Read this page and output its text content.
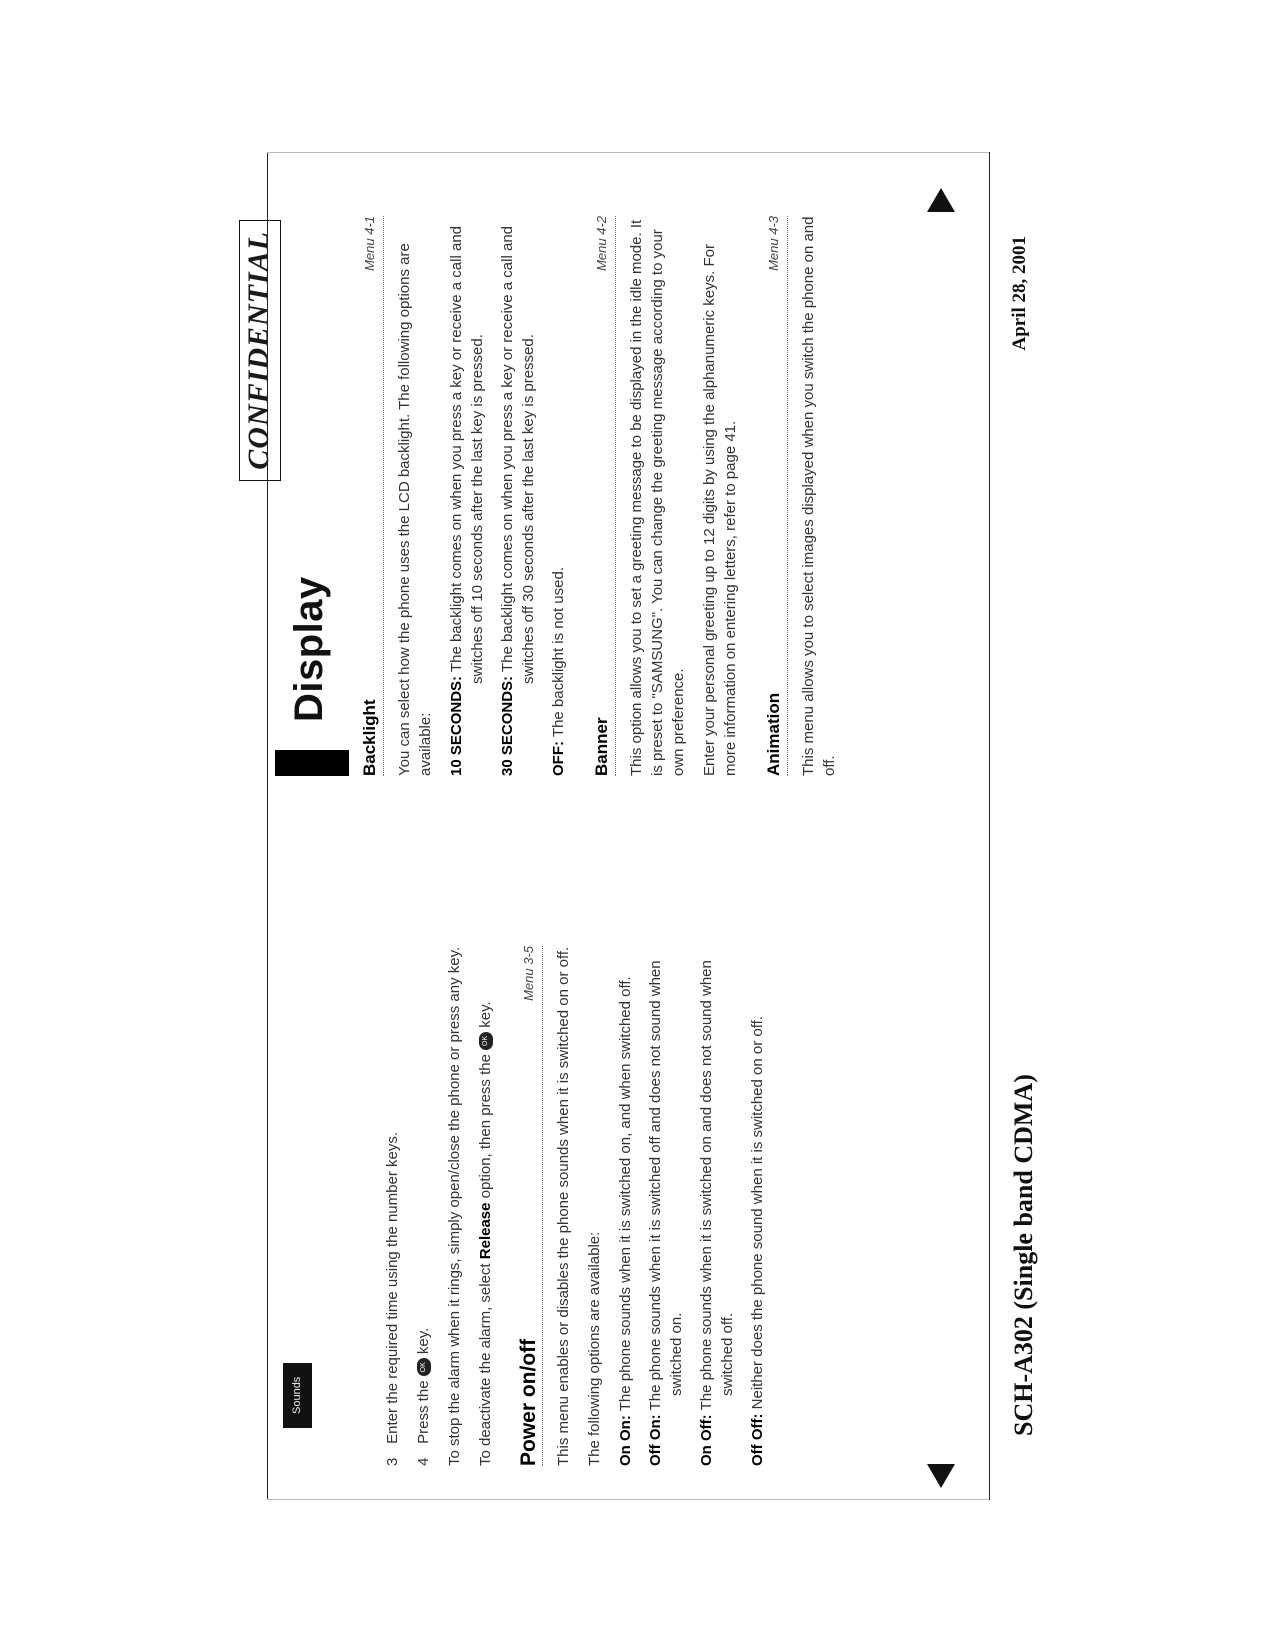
CONFIDENTIAL
Sounds
3 Enter the required time using the number keys.
4 Press the OK key. To stop the alarm when it rings, simply open/close the phone or press any key. To deactivate the alarm, select Release option, then press the OK key.

Power on/off
Menu 3-5 This menu enables or disables the phone sounds when it is switched on or off. The following options are available: On On: The phone sounds when it is switched on, and when switched off.
Off On: The phone sounds when it is switched off and does not sound when switched on.
On Off: The phone sounds when it is switched on and does not sound when switched off.
Off Off: Neither does the phone sound when it is switched on or off.
Display
Backlight
Menu 4-1 You can select how the phone uses the LCD backlight. The following options are available: 10 SECONDS: The backlight comes on when you press a key or receive a call and switches off 10 seconds after the last key is pressed.
30 SECONDS: The backlight comes on when you press a key or receive a call and switches off 30 seconds after the last key is pressed.
OFF: The backlight is not used.
Banner
Menu 4-2 This option allows you to set a greeting message to be displayed in the idle mode. It is preset to "SAMSUNG". You can change the greeting message according to your own preference. Enter your personal greeting up to 12 digits by using the alphanumeric keys. For more information on entering letters, refer to page 41. Animation
Menu 4-3 This menu allows you to select images displayed when you switch the phone on and off.

SCH-A302 (Single band CDMA)
April 28, 2001
